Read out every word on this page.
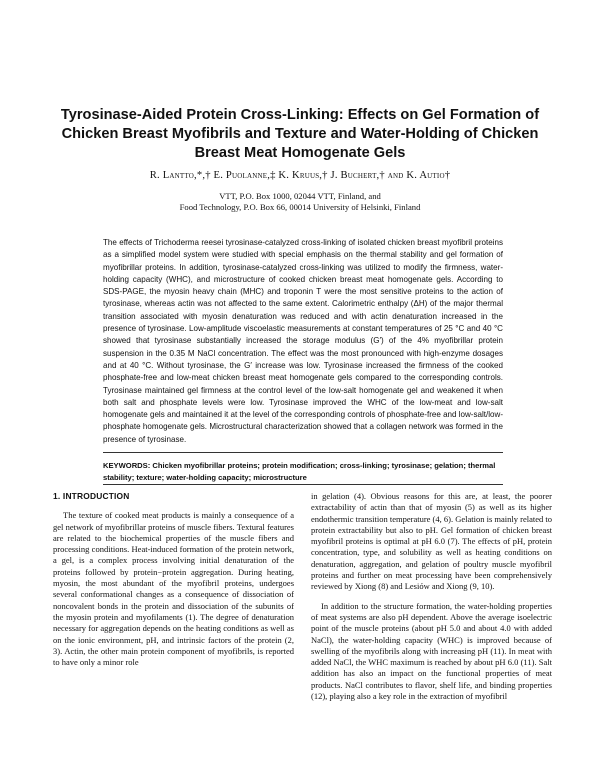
Tyrosinase-Aided Protein Cross-Linking: Effects on Gel Formation of Chicken Breast Myofibrils and Texture and Water-Holding of Chicken Breast Meat Homogenate Gels
R. Lantto,*,† E. Puolanne,‡ K. Kruus,† J. Buchert,† and K. Autio†
VTT, P.O. Box 1000, 02044 VTT, Finland, and
Food Technology, P.O. Box 66, 00014 University of Helsinki, Finland

The effects of Trichoderma reesei tyrosinase-catalyzed cross-linking of isolated chicken breast myofibril proteins as a simplified model system were studied with special emphasis on the thermal stability and gel formation of myofibrillar proteins. In addition, tyrosinase-catalyzed cross-linking was utilized to modify the firmness, water-holding capacity (WHC), and microstructure of cooked chicken breast meat homogenate gels. According to SDS-PAGE, the myosin heavy chain (MHC) and troponin T were the most sensitive proteins to the action of tyrosinase, whereas actin was not affected to the same extent. Calorimetric enthalpy (ΔH) of the major thermal transition associated with myosin denaturation was reduced and with actin denaturation increased in the presence of tyrosinase. Low-amplitude viscoelastic measurements at constant temperatures of 25 °C and 40 °C showed that tyrosinase substantially increased the storage modulus (G′) of the 4% myofibrillar protein suspension in the 0.35 M NaCl concentration. The effect was the most pronounced with high-enzyme dosages and at 40 °C. Without tyrosinase, the G′ increase was low. Tyrosinase increased the firmness of the cooked phosphate-free and low-meat chicken breast meat homogenate gels compared to the corresponding controls. Tyrosinase maintained gel firmness at the control level of the low-salt homogenate gel and weakened it when both salt and phosphate levels were low. Tyrosinase improved the WHC of the low-meat and low-salt homogenate gels and maintained it at the level of the corresponding controls of phosphate-free and low-salt/low-phosphate homogenate gels. Microstructural characterization showed that a collagen network was formed in the presence of tyrosinase.

KEYWORDS: Chicken myofibrillar proteins; protein modification; cross-linking; tyrosinase; gelation; thermal stability; texture; water-holding capacity; microstructure

1. INTRODUCTION

The texture of cooked meat products is mainly a consequence of a gel network of myofibrillar proteins of muscle fibers. Textural features are related to the biochemical properties of the muscle fibers and processing conditions. Heat-induced formation of the protein network, a gel, is a complex process involving initial denaturation of the proteins followed by protein−protein aggregation. During heating, myosin, the most abundant of the myofibril proteins, undergoes several conformational changes as a consequence of dissociation of noncovalent bonds in the protein and dissociation of the subunits of the myosin protein and myofilaments (1). The degree of denaturation necessary for aggregation depends on the heating conditions as well as on the ionic environment, pH, and intrinsic factors of the protein (2, 3). Actin, the other main protein component of myofibrils, is reported to have only a minor role

in gelation (4). Obvious reasons for this are, at least, the poorer extractability of actin than that of myosin (5) as well as its higher endothermic transition temperature (4, 6). Gelation is mainly related to protein extractability but also to pH. Gel formation of chicken breast myofibril proteins is optimal at pH 6.0 (7). The effects of pH, protein concentration, type, and solubility as well as heating conditions on denaturation, aggregation, and gelation of poultry muscle myofibril proteins and further on meat processing have been comprehensively reviewed by Xiong (8) and Lesiów and Xiong (9, 10).

In addition to the structure formation, the water-holding properties of meat systems are also pH dependent. Above the average isoelectric point of the muscle proteins (about pH 5.0 and about 4.0 with added NaCl), the water-holding capacity (WHC) is improved because of swelling of the myofibrils along with increasing pH (11). In meat with added NaCl, the WHC maximum is reached by about pH 6.0 (11). Salt addition has also an impact on the functional properties of meat products. NaCl contributes to flavor, shelf life, and binding properties (12), playing also a key role in the extraction of myofibril
